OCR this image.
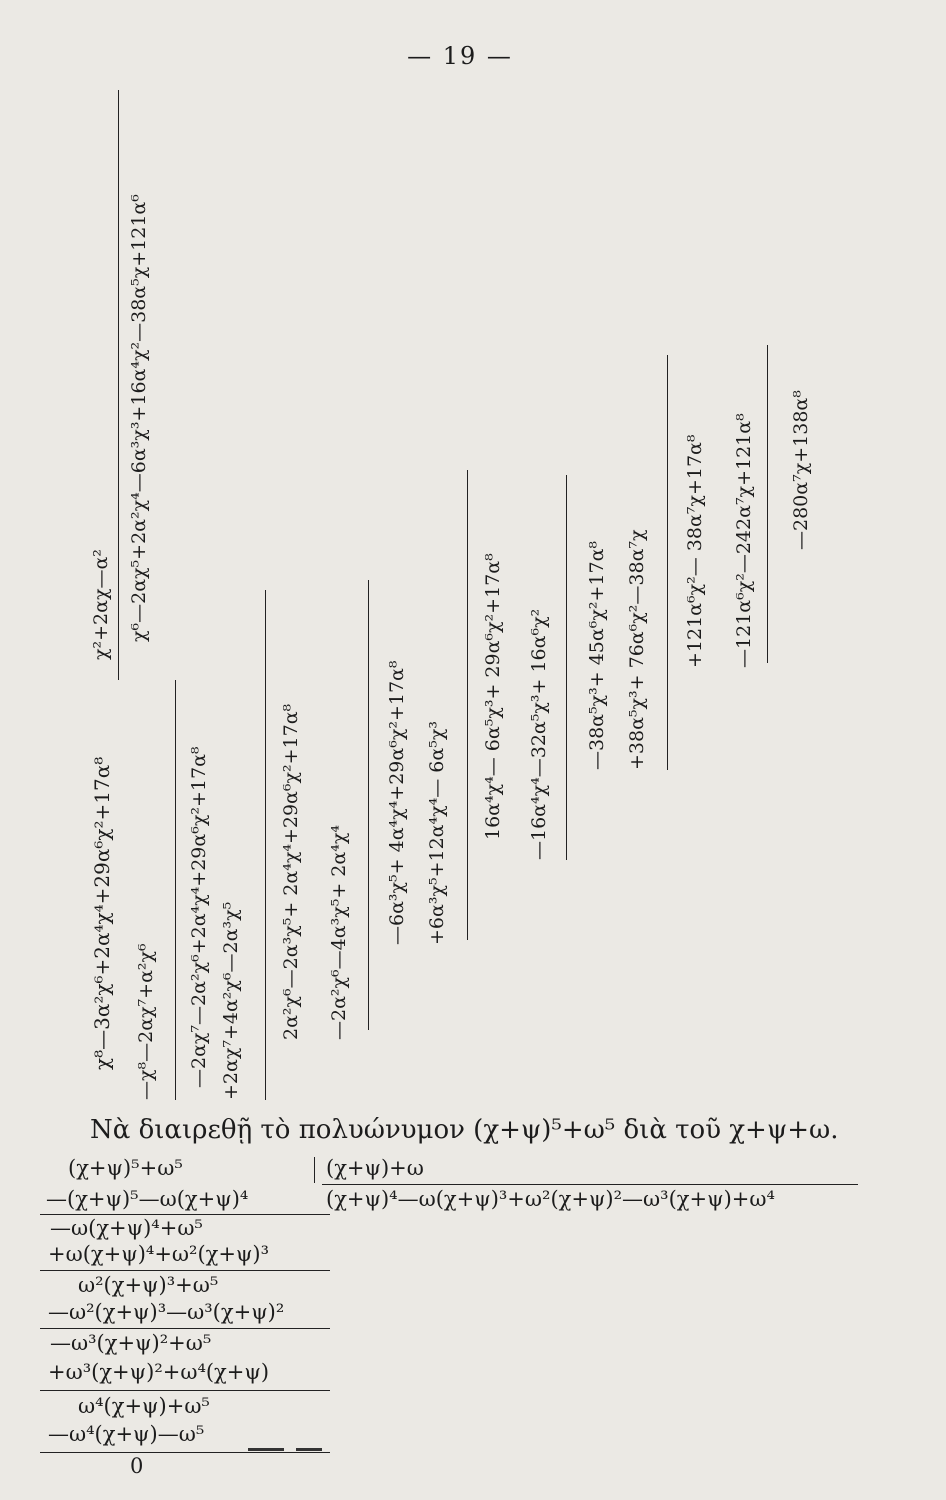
— 19 —
χ⁸—3α²χ⁶+2α⁴χ⁴+29α⁶χ²+17α⁸
χ²+2αχ—α² χ⁶—2αχ⁵+2α²χ⁴—6α³χ³+16α⁴χ²—38α⁵χ+121α⁶
—χ⁸—2αχ⁷+α²χ⁶ —2αχ⁷—2α²χ⁶+2α⁴χ⁴+29α⁶χ²+17α⁸ +2αχ⁷+4α²χ⁶—2α³χ⁵ 2α²χ⁶—2α³χ⁵+ 2α⁴χ⁴+29α⁶χ²+17α⁸ —2α²χ⁶—4α³χ⁵+ 2α⁴χ⁴ —6α³χ⁵+ 4α⁴χ⁴+29α⁶χ²+17α⁸ +6α³χ⁵+12α⁴χ⁴— 6α⁵χ³ 16α⁴χ⁴— 6α⁵χ³+ 29α⁶χ²+17α⁸ —16α⁴χ⁴—32α⁵χ³+ 16α⁶χ² —38α⁵χ³+ 45α⁶χ²+17α⁸ +38α⁵χ³+ 76α⁶χ²—38α⁷χ +121α⁶χ²— 38α⁷χ+17α⁸ —121α⁶χ²—242α⁷χ+121α⁸ —280α⁷χ+138α⁸
Νὰ διαιρεθῇ τὸ πολυώνυμον (χ+ψ)⁵+ω⁵ διὰ τοῦ χ+ψ+ω.
(χ+ψ)⁵+ω⁵	(χ+ψ)+ω
(χ+ψ)⁴—ω(χ+ψ)³+ω²(χ+ψ)²—ω³(χ+ψ)+ω⁴
—(χ+ψ)⁵—ω(χ+ψ)⁴
—ω(χ+ψ)⁴+ω⁵
+ω(χ+ψ)⁴+ω²(χ+ψ)³
ω²(χ+ψ)³+ω⁵
—ω²(χ+ψ)³—ω³(χ+ψ)²
—ω³(χ+ψ)²+ω⁵
+ω³(χ+ψ)²+ω⁴(χ+ψ)
ω⁴(χ+ψ)+ω⁵
—ω⁴(χ+ψ)—ω⁵
0
